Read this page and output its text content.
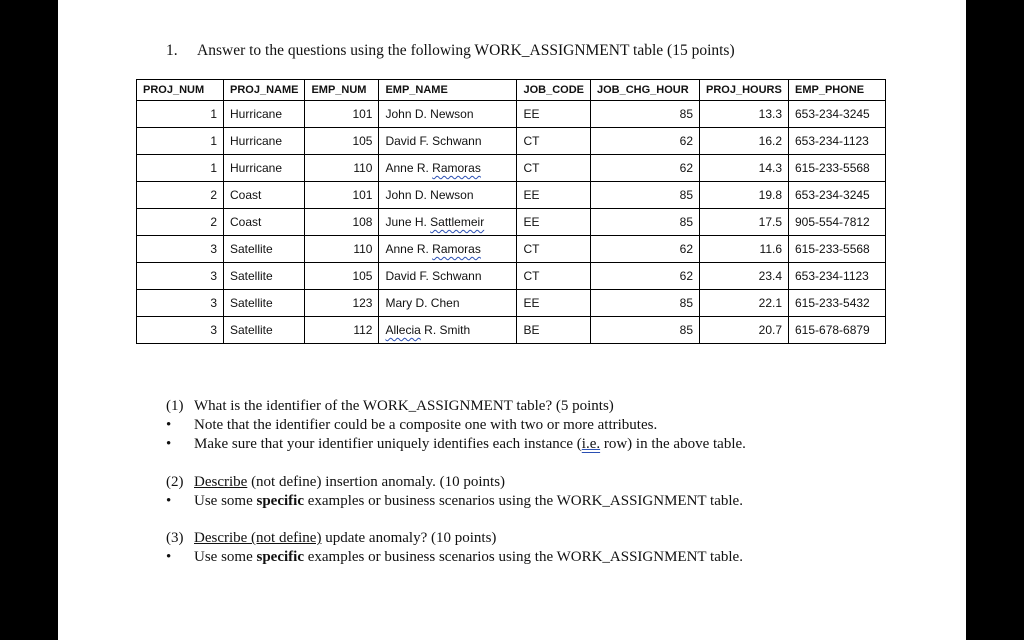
1. Answer to the questions using the following WORK_ASSIGNMENT table (15 points)
PROJ_NUM	PROJ_NAME	EMP_NUM	EMP_NAME	JOB_CODE	JOB_CHG_HOUR	PROJ_HOURS	EMP_PHONE
1	Hurricane	101	John D. Newson	EE	85	13.3	653-234-3245
1	Hurricane	105	David F. Schwann	CT	62	16.2	653-234-1123
1	Hurricane	110	Anne R. Ramoras	CT	62	14.3	615-233-5568
2	Coast	101	John D. Newson	EE	85	19.8	653-234-3245
2	Coast	108	June H. Sattlemeir	EE	85	17.5	905-554-7812
3	Satellite	110	Anne R. Ramoras	CT	62	11.6	615-233-5568
3	Satellite	105	David F. Schwann	CT	62	23.4	653-234-1123
3	Satellite	123	Mary D. Chen	EE	85	22.1	615-233-5432
3	Satellite	112	Allecia R. Smith	BE	85	20.7	615-678-6879
(1) What is the identifier of the WORK_ASSIGNMENT table? (5 points)
• Note that the identifier could be a composite one with two or more attributes.
• Make sure that your identifier uniquely identifies each instance (i.e. row) in the above table.
(2) Describe (not define) insertion anomaly. (10 points)
• Use some specific examples or business scenarios using the WORK_ASSIGNMENT table.
(3) Describe (not define) update anomaly? (10 points)
• Use some specific examples or business scenarios using the WORK_ASSIGNMENT table.
